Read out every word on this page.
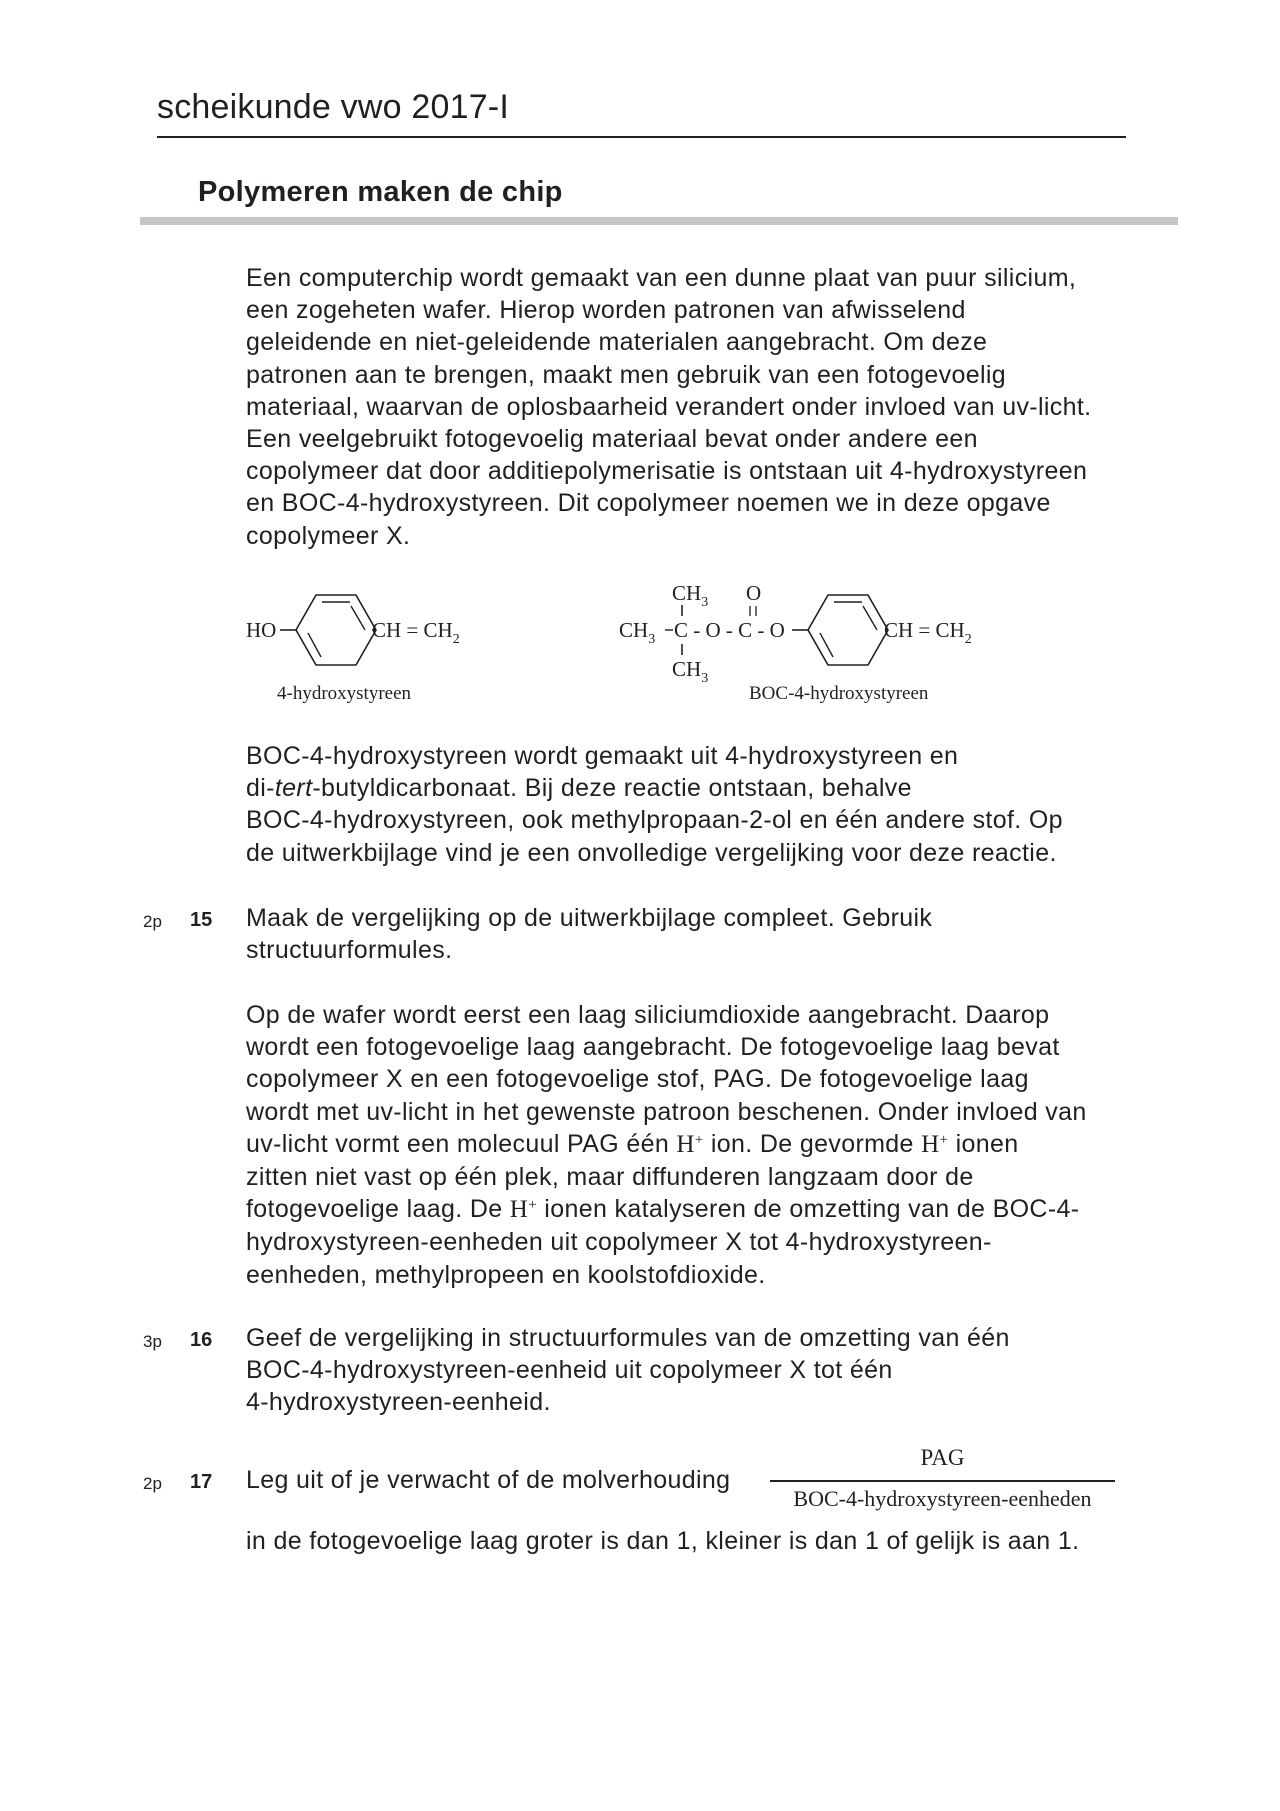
scheikunde vwo 2017-I
Polymeren maken de chip
Een computerchip wordt gemaakt van een dunne plaat van puur silicium,
een zogeheten wafer. Hierop worden patronen van afwisselend
geleidende en niet-geleidende materialen aangebracht. Om deze
patronen aan te brengen, maakt men gebruik van een fotogevoelig
materiaal, waarvan de oplosbaarheid verandert onder invloed van uv-licht.
Een veelgebruikt fotogevoelig materiaal bevat onder andere een
copolymeer dat door additiepolymerisatie is ontstaan uit 4-hydroxystyreen
en BOC-4-hydroxystyreen. Dit copolymeer noemen we in deze opgave
copolymeer X.
HO	CH = $CH_2$
4-hydroxystyreen
$CH_3$ O
$CH_3$ C - O - C - O
$CH_3$
CH = $CH_2$
BOC-4-hydroxystyreen
BOC-4-hydroxystyreen wordt gemaakt uit 4-hydroxystyreen en
di-tert-butyldicarbonaat. Bij deze reactie ontstaan, behalve
BOC-4-hydroxystyreen, ook methylpropaan-2-ol en één andere stof. Op
de uitwerkbijlage vind je een onvolledige vergelijking voor deze reactie.
2p 15 Maak de vergelijking op de uitwerkbijlage compleet. Gebruik
structuurformules.
Op de wafer wordt eerst een laag siliciumdioxide aangebracht. Daarop
wordt een fotogevoelige laag aangebracht. De fotogevoelige laag bevat
copolymeer X en een fotogevoelige stof, PAG. De fotogevoelige laag
wordt met uv-licht in het gewenste patroon beschenen. Onder invloed van
uv-licht vormt een molecuul PAG één H+ ion. De gevormde H+ ionen
zitten niet vast op één plek, maar diffunderen langzaam door de
fotogevoelige laag. De H+ ionen katalyseren de omzetting van de BOC-4-
hydroxystyreen-eenheden uit copolymeer X tot 4-hydroxystyreen-
eenheden, methylpropeen en koolstofdioxide.
3p 16 Geef de vergelijking in structuurformules van de omzetting van één
BOC-4-hydroxystyreen-eenheid uit copolymeer X tot één
4-hydroxystyreen-eenheid.
2p 17 Leg uit of je verwacht of de molverhouding
PAG
BOC-4-hydroxystyreen-eenheden
in de fotogevoelige laag groter is dan 1, kleiner is dan 1 of gelijk is aan 1.
